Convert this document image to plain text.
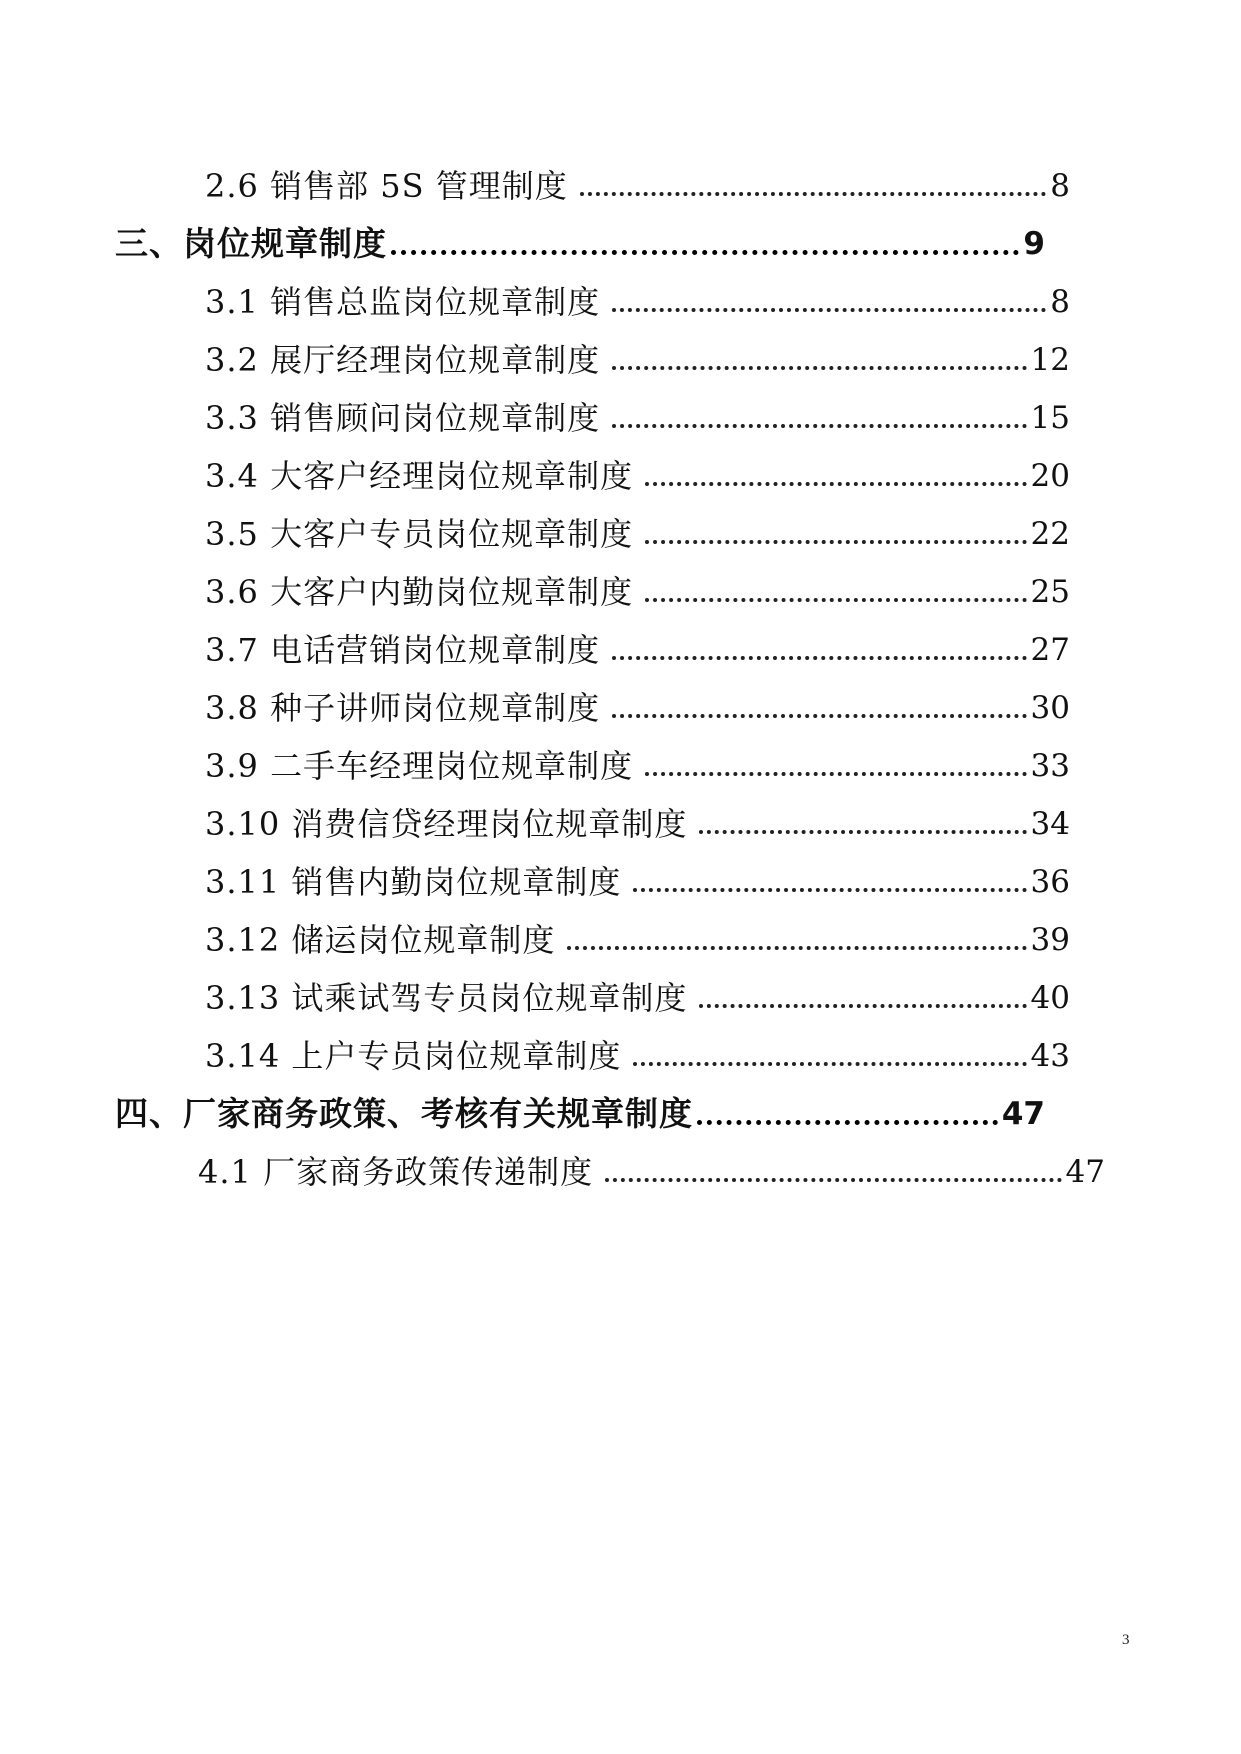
2.6 销售部 5S 管理制度	8
三、岗位规章制度	9
3.1 销售总监岗位规章制度	8
3.2 展厅经理岗位规章制度	12
3.3 销售顾问岗位规章制度	15
3.4 大客户经理岗位规章制度	20
3.5 大客户专员岗位规章制度	22
3.6 大客户内勤岗位规章制度	25
3.7 电话营销岗位规章制度	27
3.8 种子讲师岗位规章制度	30
3.9 二手车经理岗位规章制度	33
3.10 消费信贷经理岗位规章制度	34
3.11 销售内勤岗位规章制度	36
3.12 储运岗位规章制度	39
3.13 试乘试驾专员岗位规章制度	40
3.14 上户专员岗位规章制度	43
四、厂家商务政策、考核有关规章制度	47
4.1 厂家商务政策传递制度	47
3
